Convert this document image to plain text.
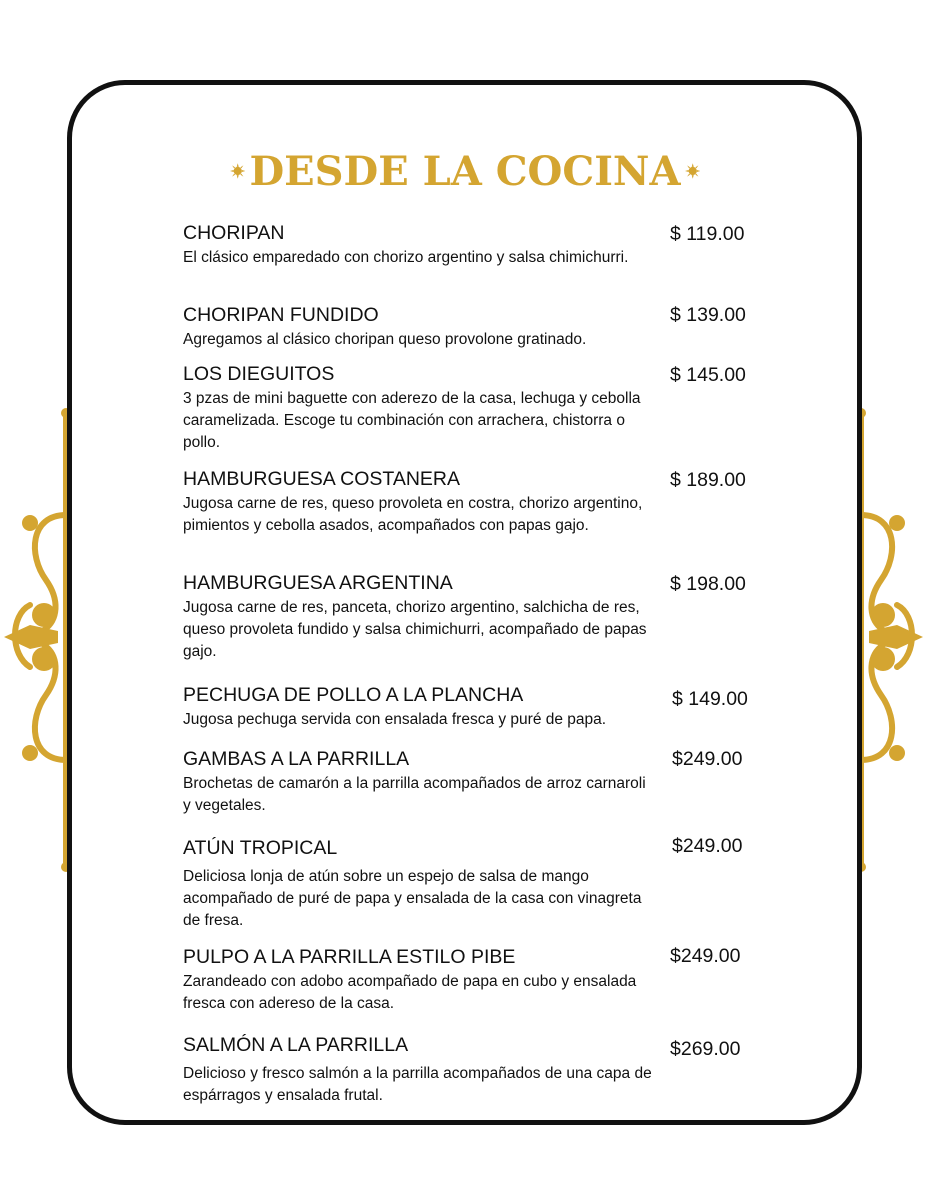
DESDE LA COCINA
CHORIPAN
El clásico emparedado con chorizo argentino y salsa chimichurri.
$ 119.00
CHORIPAN FUNDIDO
Agregamos al clásico choripan queso provolone gratinado.
$ 139.00
LOS DIEGUITOS
3 pzas de mini baguette con aderezo de la casa, lechuga y cebolla caramelizada. Escoge tu combinación con arrachera, chistorra o pollo.
$ 145.00
HAMBURGUESA COSTANERA
Jugosa carne de res, queso provoleta en costra, chorizo argentino, pimientos y cebolla asados, acompañados con papas gajo.
$ 189.00
HAMBURGUESA ARGENTINA
Jugosa carne de res, panceta, chorizo argentino, salchicha de res, queso provoleta fundido y salsa chimichurri, acompañado de papas gajo.
$ 198.00
PECHUGA DE POLLO A LA PLANCHA
Jugosa pechuga servida con ensalada fresca y puré de papa.
$ 149.00
GAMBAS A LA PARRILLA
Brochetas de camarón a la parrilla acompañados de arroz carnaroli y vegetales.
$249.00
ATÚN TROPICAL
Deliciosa lonja de atún sobre un espejo de salsa de mango acompañado de puré de papa y ensalada de la casa con vinagreta de fresa.
$249.00
PULPO A LA PARRILLA ESTILO PIBE
Zarandeado con adobo acompañado de papa en cubo y ensalada fresca con adereso de la casa.
$249.00
SALMÓN A LA PARRILLA
Delicioso y fresco salmón a la parrilla acompañados de una capa de espárragos y ensalada frutal.
$269.00
